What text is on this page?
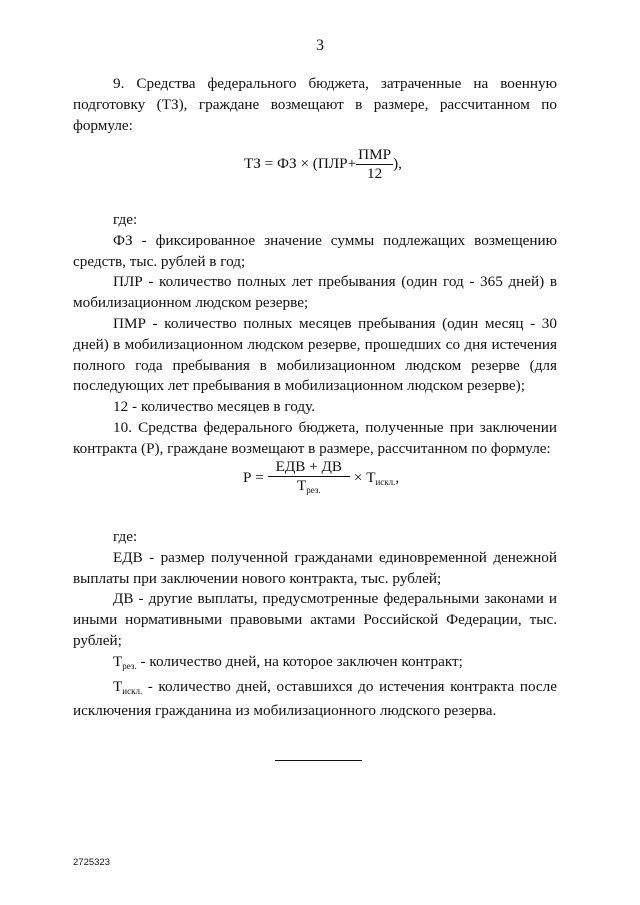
3

9. Средства федерального бюджета, затраченные на военную подготовку (ТЗ), граждане возмещают в размере, рассчитанном по формуле:

ТЗ = ФЗ × ($ПЛР+ \frac{\text{ПМР}}{12}$ ),

где:

ФЗ - фиксированное значение суммы подлежащих возмещению средств, тыс. рублей в год;

ПЛР - количество полных лет пребывания (один год - 365 дней) в мобилизационном людском резерве;

ПМР - количество полных месяцев пребывания (один месяц - 30 дней) в мобилизационном людском резерве, прошедших со дня истечения полного года пребывания в мобилизационном людском резерве (для последующих лет пребывания в мобилизационном людском резерве);

12 - количество месяцев в году.

10. Средства федерального бюджета, полученные при заключении контракта (Р), граждане возмещают в размере, рассчитанном по формуле:

$Р = \frac{\text{ЕДВ + ДВ}}{Т_{рез.}} \times Т_{искл.}$,

где:

ЕДВ - размер полученной гражданами единовременной денежной выплаты при заключении нового контракта, тыс. рублей;

ДВ - другие выплаты, предусмотренные федеральными законами и иными нормативными правовыми актами Российской Федерации, тыс. рублей;

$Т_{рез.}$ - количество дней, на которое заключен контракт;

$Т_{искл.}$ - количество дней, оставшихся до истечения контракта после исключения гражданина из мобилизационного людского резерва.

2725323
